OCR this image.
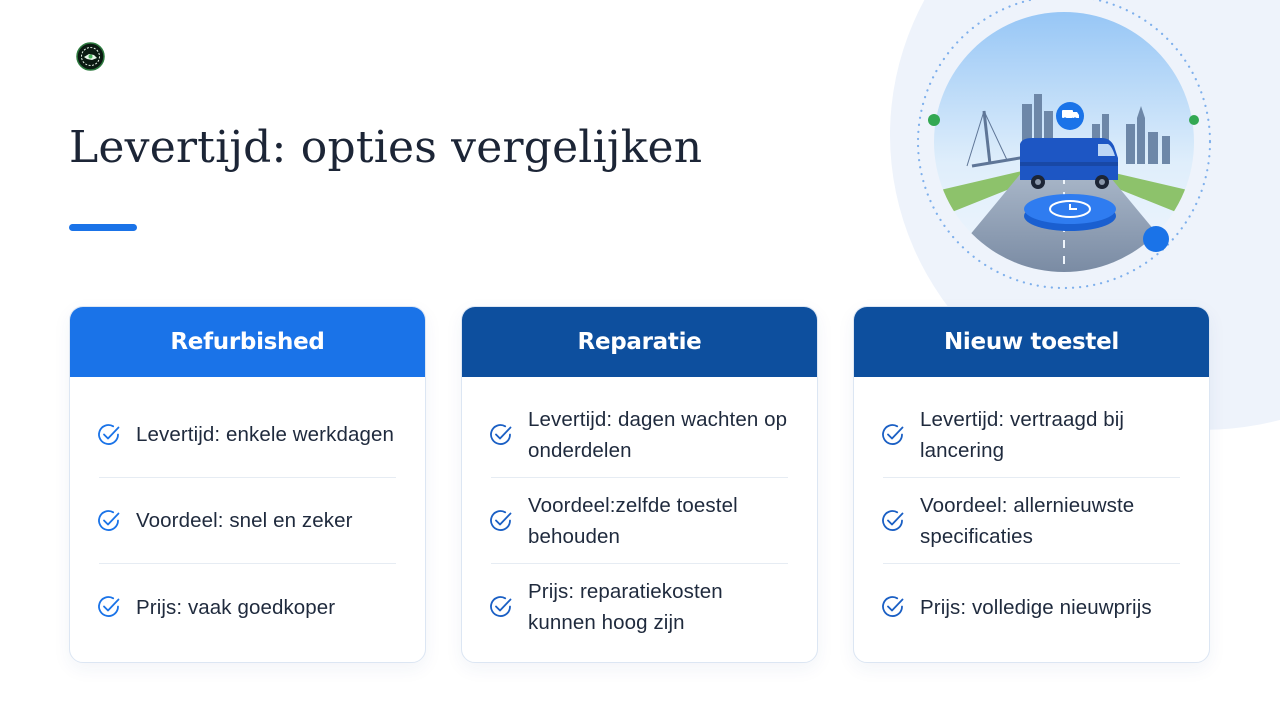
Levertijd: opties vergelijken
Refurbished
Levertijd: enkele werkdagen
Voordeel: snel en zeker
Prijs: vaak goedkoper
Reparatie
Levertijd: dagen wachten op onderdelen
Voordeel:zelfde toestel behouden
Prijs: reparatiekosten kunnen hoog zijn
Nieuw toestel
Levertijd: vertraagd bij lancering
Voordeel: allernieuwste specificaties
Prijs: volledige nieuwprijs
